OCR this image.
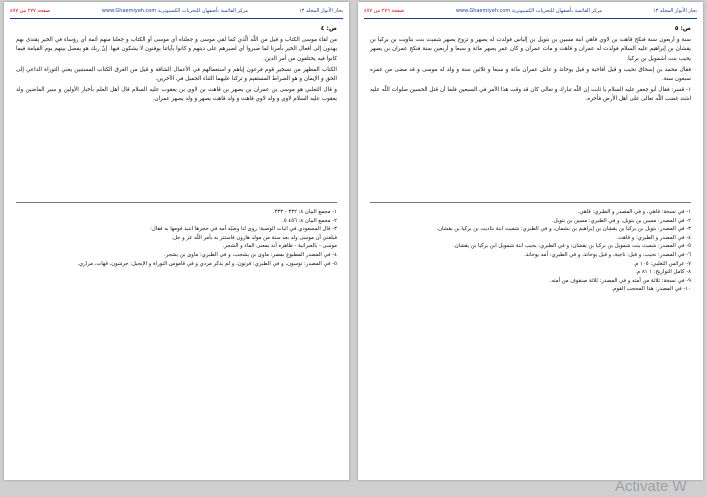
بحار الأنوار المجلد ١٣
www.Ghaemiyeh.com مركز القائمية بأصفهان للتحريات الكمبيوترية
صفحة ٢٧٧ من ٤٧٧
ص: ٤

من لقاء موسى الكتاب و قيل من اللّه الّذي كما لقي موسى و جعلناه أي موسى أو الكتاب و جعلنا منهم أئمة أي رؤساء في الخير يقتدى بهم يهدون إلى أفعال الخير بأمرنا لما صبروا أي لصبرهم على دينهم و كانوا بآياتنا يوقنون لا يشكون فيها. إنّ ربك هو يفصل بينهم يوم القيامة فيما كانوا فيه يختلفون من أمر الدين.

الكتاب المظهر من تسخير قوم فرعون إياهم و استعمالهم في الأعمال الشاقة و قيل من الغرق الكتاب المستبين يعني التوراة الداعي إلى الحق و الإيمان و هو الصراط المستقيم و تركنا عليهما الثناء الجميل في الآخرين.

و قال الثعلبي هو موسى بن عمران بن يصهر بن قاهث بن لاوي بن يعقوب عليه السلام قال أهل العلم بأخبار الأولين و سير الماضين ولد يعقوب عليه السلام لاوي و ولد لاوي قاهث و ولد قاهث يصهر و ولد يصهر عمران.

١- مجمع البيان ٨: ٣٣٢ - ٣٣٣.
٢- مجمع البيان ٨: ٤٥٦ ٥.
٣- قال المسعودي في اثبات الوصية: روى لنا وصيّه أمه في حجرها انتبذ قومها به فقال:
فبلغني أن موسى ولد بعد سنة من مولد هارون فاستتر به بأمر اللّه عز و جل.
موسى - بالعبرانية - ظاهره أنه بمعنى الماء و الشجر.
٤- في المصدر المطبوع بمصر: ماوى بن يشجب، و في الطبري: ماوى بن يشجر.
٥- في المصدر: توسون، و في الطبري: فرتون، و لم يذكر مردي و في قاموس التوراة و الإنجيل: جرشون، قهات، مراري.
بحار الأنوار المجلد ١٣
www.Ghaemiyeh.com مركز القائمية بأصفهان للتحريات الكمبيوترية
صفحة ٢٧٦ من ٤٧٧
ص: ٥

سنة و أربعون سنة فنكح قاهث بن لاوي قاهي ابنة مسين بن بتويل بن إلياس فولدت له يصهر و تزوج يصهر شميث بنت بتاويت بن بركيا بن يقشان بن إبراهيم عليه السلام فولدت له عمران و قاهث و مات عمران و كان عمر يصهر مائة و سبعا و أربعين سنة فنكح عمران بن يصهر يحيب بنت أشمويل بن بركيا.

فقال محمد بن إسحاق نحيب و قيل أفاحية و قيل يوحانذ و عاش عمران مائة و سبعا و ثلاثين سنة و ولد له موسى و قد مضى من عمره سبعون سنة.

١- قسر: فقال أبو جعفر عليه السلام يا ثابت إن اللّه تبارك و تعالى كان قد وقت هذا الأمر في السبعين فلما أن قتل الحسين صلوات اللّه عليه اشتد غضب اللّه تعالى على أهل الأرض فأخره.

١- في نسخة: قاهي، و في المصدر و الطبري: قاهي.
٢- في المصدر: مسين بن بتويل، و في الطبري: مسين بن بتويل.
٣- في المصدر: بتويل بن بركيا بن يقشان بن إبراهيم بن بشمان، و في الطبري: شميث ابنة بتاديت بن بركيا بن يقشان.
٤- في المصدر و الطبري: و قاهث.
٥- في المصدر: شميث بنت شمويل بن بركيا بن يقشان، و في الطبري: يحيب ابنة شمويل ابن بركيا بن يقشان.
٦- في المصدر: نحيب، و قيل: ناجية، و قيل يوحانذ، و في الطبري: أمه يوحانذ.
٧- عرائس الثعلبي: ١٠٥ م.
٨- كامل التواريخ: ١ ٨١ م.
٩- في نسخة: ثلاثة من أمته و في المصدر: ثلاثة صنفوف من أمته.
١٠- في المصدر: هذا المحجب القوم.
Activate W
